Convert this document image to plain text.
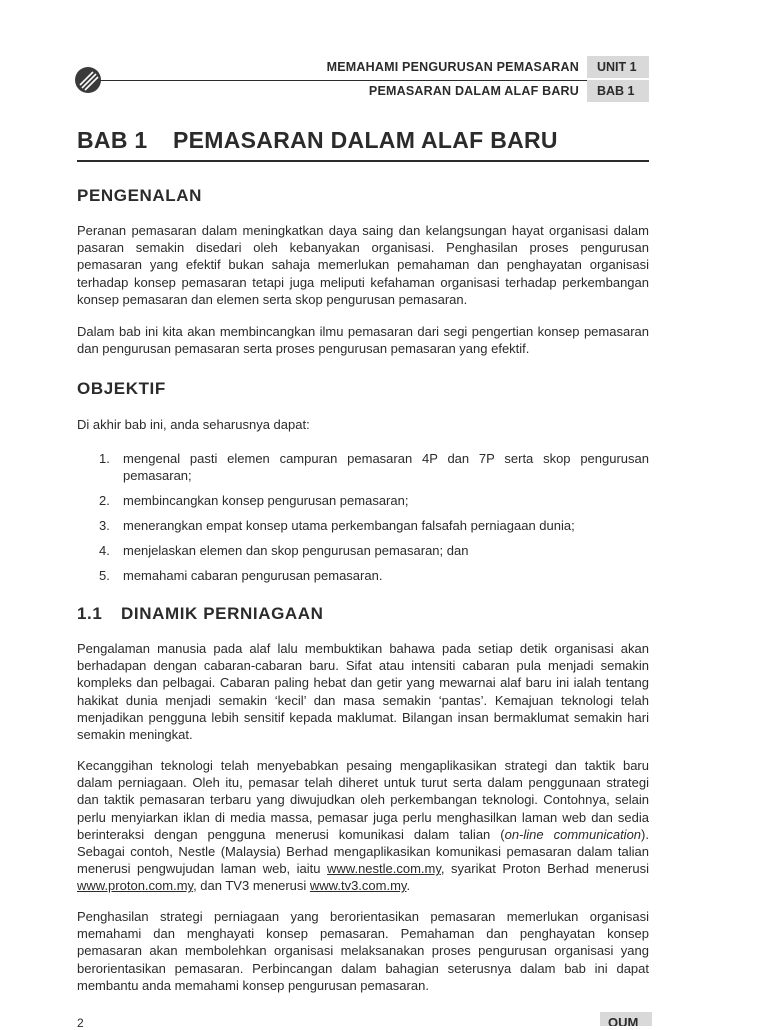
MEMAHAMI PENGURUSAN PEMASARAN	UNIT 1
PEMASARAN DALAM ALAF BARU	BAB 1
BAB 1 PEMASARAN DALAM ALAF BARU
PENGENALAN

Peranan pemasaran dalam meningkatkan daya saing dan kelangsungan hayat organisasi dalam pasaran semakin disedari oleh kebanyakan organisasi. Penghasilan proses pengurusan pemasaran yang efektif bukan sahaja memerlukan pemahaman dan penghayatan organisasi terhadap konsep pemasaran tetapi juga meliputi kefahaman organisasi terhadap perkembangan konsep pemasaran dan elemen serta skop pengurusan pemasaran.

Dalam bab ini kita akan membincangkan ilmu pemasaran dari segi pengertian konsep pemasaran dan pengurusan pemasaran serta proses pengurusan pemasaran yang efektif.

OBJEKTIF

Di akhir bab ini, anda seharusnya dapat:

1. mengenal pasti elemen campuran pemasaran 4P dan 7P serta skop pengurusan pemasaran;
2. membincangkan konsep pengurusan pemasaran;
3. menerangkan empat konsep utama perkembangan falsafah perniagaan dunia;
4. menjelaskan elemen dan skop pengurusan pemasaran; dan
5. memahami cabaran pengurusan pemasaran.
1.1 DINAMIK PERNIAGAAN

Pengalaman manusia pada alaf lalu membuktikan bahawa pada setiap detik organisasi akan berhadapan dengan cabaran-cabaran baru. Sifat atau intensiti cabaran pula menjadi semakin kompleks dan pelbagai. Cabaran paling hebat dan getir yang mewarnai alaf baru ini ialah tentang hakikat dunia menjadi semakin ‘kecil’ dan masa semakin ‘pantas’. Kemajuan teknologi telah menjadikan pengguna lebih sensitif kepada maklumat. Bilangan insan bermaklumat semakin hari semakin meningkat.

Kecanggihan teknologi telah menyebabkan pesaing mengaplikasikan strategi dan taktik baru dalam perniagaan. Oleh itu, pemasar telah diheret untuk turut serta dalam penggunaan strategi dan taktik pemasaran terbaru yang diwujudkan oleh perkembangan teknologi. Contohnya, selain perlu menyiarkan iklan di media massa, pemasar juga perlu menghasilkan laman web dan sedia berinteraksi dengan pengguna menerusi komunikasi dalam talian (on-line communication). Sebagai contoh, Nestle (Malaysia) Berhad mengaplikasikan komunikasi pemasaran dalam talian menerusi pengwujudan laman web, iaitu www.nestle.com.my, syarikat Proton Berhad menerusi www.proton.com.my, dan TV3 menerusi www.tv3.com.my.

Penghasilan strategi perniagaan yang berorientasikan pemasaran memerlukan organisasi memahami dan menghayati konsep pemasaran. Pemahaman dan penghayatan konsep pemasaran akan membolehkan organisasi melaksanakan proses pengurusan organisasi yang berorientasikan pemasaran. Perbincangan dalam bahagian seterusnya dalam bab ini dapat membantu anda memahami konsep pengurusan pemasaran.

2	OUM
